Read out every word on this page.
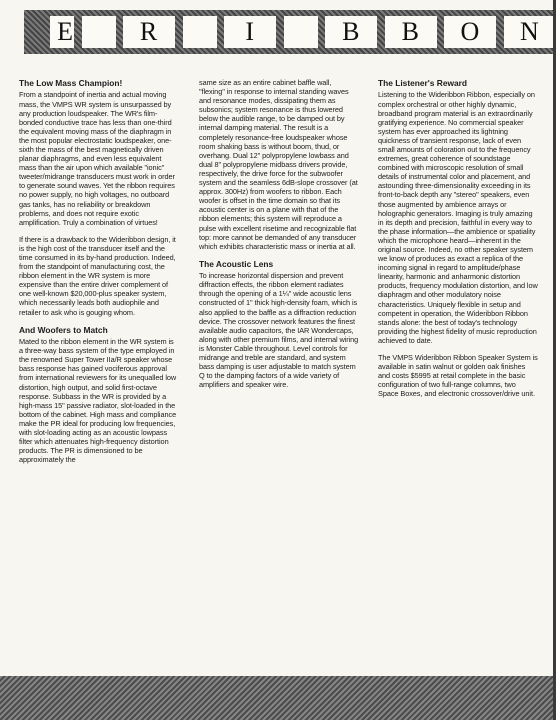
E	R	I	B	B	O	N
The Low Mass Champion!

From a standpoint of inertia and actual moving mass, the VMPS WR system is unsurpassed by any production loudspeaker. The WR's film-bonded conductive trace has less than one-third the equivalent moving mass of the diaphragm in the most popular electrostatic loudspeaker, one-sixth the mass of the best magnetically driven planar diaphragms, and even less equivalent mass than the air upon which available "ionic" tweeter/midrange transducers must work in order to generate sound waves. Yet the ribbon requires no power supply, no high voltages, no outboard gas tanks, has no reliability or breakdown problems, and does not require exotic amplification. Truly a combination of virtues!

If there is a drawback to the Wideribbon design, it is the high cost of the transducer itself and the time consumed in its by-hand production. Indeed, from the standpoint of manufacturing cost, the ribbon element in the WR system is more expensive than the entire driver complement of one well-known $20,000-plus speaker system, which necessarily leads both audiophile and retailer to ask who is gouging whom.

And Woofers to Match

Mated to the ribbon element in the WR system is a three-way bass system of the type employed in the renowned Super Tower IIa/R speaker whose bass response has gained vociferous approval from international reviewers for its unequalled low distortion, high output, and solid first-octave response. Subbass in the WR is provided by a high-mass 15" passive radiator, slot-loaded in the bottom of the cabinet. High mass and compliance make the PR ideal for producing low frequencies, with slot-loading acting as an acoustic lowpass filter which attenuates high-frequency distortion products. The PR is dimensioned to be approximately the

same size as an entire cabinet baffle wall, "flexing" in response to internal standing waves and resonance modes, dissipating them as subsonics; system resonance is thus lowered below the audible range, to be damped out by internal damping material. The result is a completely resonance-free loudspeaker whose room shaking bass is without boom, thud, or overhang. Dual 12" polypropylene lowbass and dual 8" polypropylene midbass drivers provide, respectively, the drive force for the subwoofer system and the seamless 6dB-slope crossover (at approx. 300Hz) from woofers to ribbon. Each woofer is offset in the time domain so that its acoustic center is on a plane with that of the ribbon elements; this system will reproduce a pulse with excellent risetime and recognizable flat top: more cannot be demanded of any transducer which exhibits characteristic mass or inertia at all.

The Acoustic Lens

To increase horizontal dispersion and prevent diffraction effects, the ribbon element radiates through the opening of a 1¼" wide acoustic lens constructed of 1" thick high-density foam, which is also applied to the baffle as a diffraction reduction device. The crossover network features the finest available audio capacitors, the IAR Wondercaps, along with other premium films, and internal wiring is Monster Cable throughout. Level controls for midrange and treble are standard, and system bass damping is user adjustable to match system Q to the damping factors of a wide variety of amplifiers and speaker wire.

The Listener's Reward

Listening to the Wideribbon Ribbon, especially on complex orchestral or other highly dynamic, broadband program material is an extraordinarily gratifying experience. No commercial speaker system has ever approached its lightning quickness of transient response, lack of even small amounts of coloration out to the frequency extremes, great coherence of soundstage combined with microscopic resolution of small details of instrumental color and placement, and astounding three-dimensionality exceeding in its front-to-back depth any "stereo" speakers, even those augmented by ambience arrays or holographic generators. Imaging is truly amazing in its depth and precision, faithful in every way to the phase information—the ambience or spatiality which the microphone heard—inherent in the original source. Indeed, no other speaker system we know of produces as exact a replica of the incoming signal in regard to amplitude/phase linearity, harmonic and anharmonic distortion products, frequency modulation distortion, and low diaphragm and other modulatory noise characteristics. Uniquely flexible in setup and competent in operation, the Wideribbon Ribbon stands alone: the best of today's technology providing the highest fidelity of music reproduction achieved to date.

The VMPS Wideribbon Ribbon Speaker System is available in satin walnut or golden oak finishes and costs $5995 at retail complete in the basic configuration of two full-range columns, two Space Boxes, and electronic crossover/drive unit.
